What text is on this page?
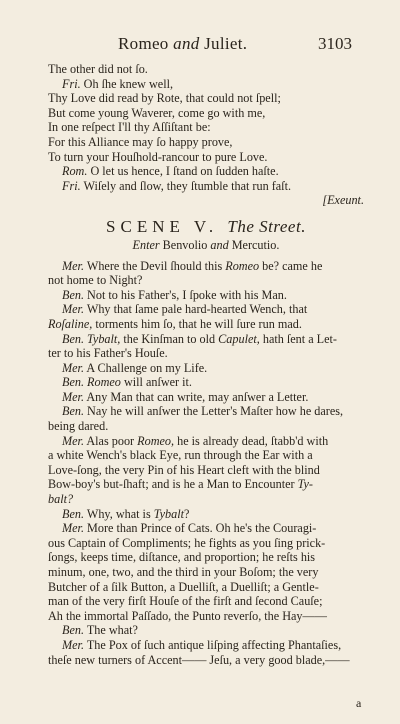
Romeo and Juliet.	3103
The other did not ſo.
Fri. Oh ſhe knew well,
Thy Love did read by Rote, that could not ſpell;
But come young Waverer, come go with me,
In one reſpect I'll thy Aſſiſtant be:
For this Alliance may ſo happy prove,
To turn your Houſhold-rancour to pure Love.
Rom. O let us hence, I ſtand on ſudden haſte.
Fri. Wiſely and ſlow, they ſtumble that run faſt.
[Exeunt.
SCENE V. The Street.
Enter Benvolio and Mercutio.
Mer. Where the Devil ſhould this Romeo be? came he
not home to Night?
Ben. Not to his Father's, I ſpoke with his Man.
Mer. Why that ſame pale hard-hearted Wench, that
Roſaline, torments him ſo, that he will ſure run mad.
Ben. Tybalt, the Kinſman to old Capulet, hath ſent a Let-
ter to his Father's Houſe.
Mer. A Challenge on my Life.
Ben. Romeo will anſwer it.
Mer. Any Man that can write, may anſwer a Letter.
Ben. Nay he will anſwer the Letter's Maſter how he dares,
being dared.
Mer. Alas poor Romeo, he is already dead, ſtabb'd with
a white Wench's black Eye, run through the Ear with a
Love-ſong, the very Pin of his Heart cleft with the blind
Bow-boy's but-ſhaft; and is he a Man to Encounter Ty-
balt?
Ben. Why, what is Tybalt?
Mer. More than Prince of Cats. Oh he's the Couragi-
ous Captain of Compliments; he fights as you ſing prick-
ſongs, keeps time, diſtance, and proportion; he reſts his
minum, one, two, and the third in your Boſom; the very
Butcher of a ſilk Button, a Duelliſt, a Duelliſt; a Gentle-
man of the very firſt Houſe of the firſt and ſecond Cauſe;
Ah the immortal Paſſado, the Punto reverſo, the Hay——
Ben. The what?
Mer. The Pox of ſuch antique liſping affecting Phantaſies,
theſe new turners of Accent—— Jeſu, a very good blade,——
a
